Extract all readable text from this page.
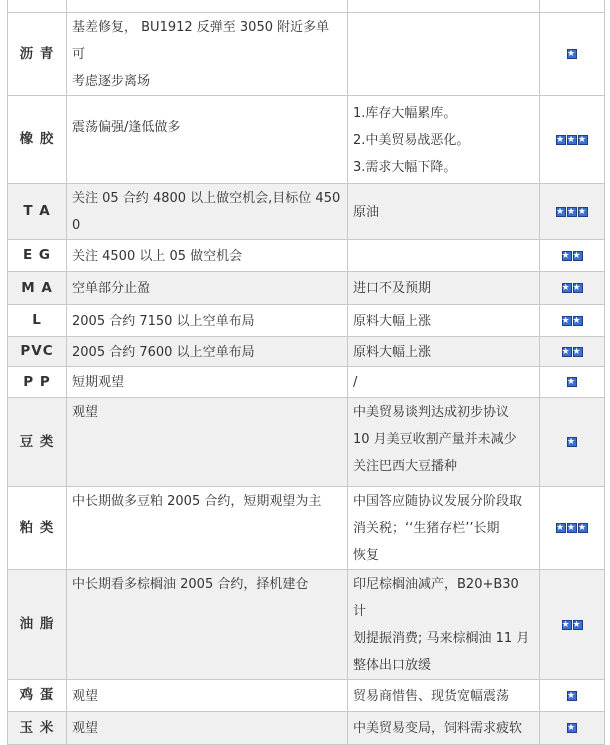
沥 青	基差修复， BU1912 反弹至 3050 附近多单可
考虑逐步离场
		★
橡 胶	震荡偏强/逢低做多	1.库存大幅累库。
2.中美贸易战恶化。
3.需求大幅下降。
	★★★
T A	关注 05 合约 4800 以上做空机会,目标位 4500	原油
	★★★
E G	关注 4500 以上 05 做空机会
		★★
M A	空单部分止盈	进口不及预期
	★★
L	2005 合约 7150 以上空单布局	原料大幅上涨
	★★
PVC	2005 合约 7600 以上空单布局	原料大幅上涨
	★★
P P	短期观望	/
	★
豆 类	观望	中美贸易谈判达成初步协议
10 月美豆收割产量并未减少
关注巴西大豆播种
	★
粕 类	中长期做多豆粕 2005 合约，短期观望为主	中国答应随协议发展分阶段取
消关税；‘‘生猪存栏’’长期
恢复
	★★★
油 脂	中长期看多棕榈油 2005 合约，择机建仓	印尼棕榈油减产，B20+B30 计
划提振消费; 马来棕榈油 11 月
整体出口放缓
	★★
鸡 蛋	观望	贸易商惜售、现货宽幅震荡
	★
玉 米	观望	中美贸易变局，饲料需求疲软
	★
